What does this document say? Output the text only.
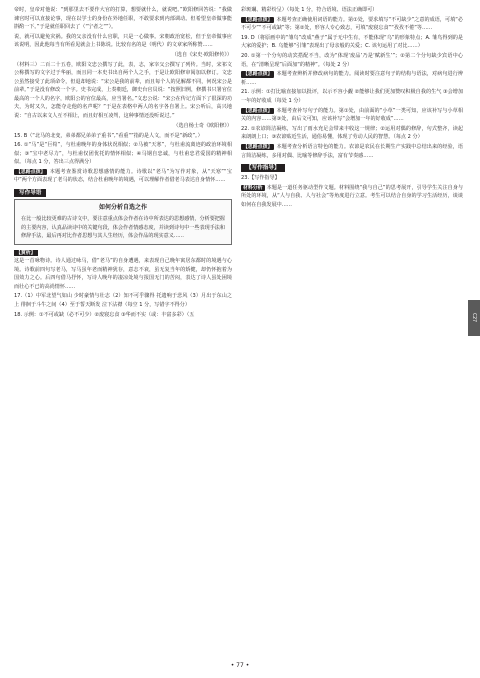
帝时，皇帝对他说：“到那里去不要作大官的打算，想要就什么，就说吧。”欧阳修回答说：“我做谏官时可以直接论事，现在以学士的身份在外地任职，不敢要求到内部调动。但希望皇帝做事能斟酌一下。”于是就任职回去了（“宁者之“”）。

说，就可以避免灾祸。我的父亲没有什么官职，只是一心做事。宋朝政治宽松，但于皇帝做事应该说明，因此他每当有所看见就会上书陈说。比较有名的是（明代）的文章家所称赞……

（选自《宋史·欧阳修传》）

（材料三）二百二十五卷，欧阳文忠公撰写了此，表，志，家宰父公撰写了列传。当时，宋祁文公称撰写的文字过于华丽，而且同一本史书出自两个人之手，于是让欧阳修审阅加以修订。文忠公虽然接受了此项命令，但退却地说：“宋公是我的前辈，而且每个人的见解都不同，何况宋公是前辈。”于是没有修改一个字。史书完成，上奏朝廷，御史台官员说：“按照旧例，修撰书只署官位最高的一个人的名字，欧阳公的官位最高，应当署名。”文忠公说：“宋公在传记方面下了很深的功夫，为时又久，怎能夺走他的名声呢？”于是在表格中两人的名字各自署上。宋公听后，高兴地说：“自古以来文人互不相让，而且好相互凌驾，这种事情还没听说过。”

（选自杨士奇《欧阳修》）

15. B（“北马的北变，弟弟都兄弟弟子重书”,“看重“”指的是人文，而不是“新政”。）

16. ①“马”是“巨筍”，与杜甫晚年的身体状况相似；②马被“天寒”，与杜甫流离迹的政治环境相似；③“宝中老尽力”，与杜甫仅团优托的情怀相似；④马钢自忠诚，与杜甫忠君爱国的精神相似。（每点 1 分，答出三点得满分）

【思路点拨】 本题考查鉴赏诗歌思想感情的能力。诗歌以“老马”为写作对象，从“天寒”“宝中”两个方面表现了老马的状态，结合杜甫晚年的境遇，可以理解作者借老马表达自身情怀……

写作导语
如何分析自选之作

在比一般比较更难的古诗文中，要注意重点体会作者在诗中所表达的思想感情，分析要把握的主要内容，认真品读诗中的关键句段，体会作者情感态度，并读到诗句中一些表现手法和修辞手法，最后再对比作者思想与其人生经历，体会作品的现实意义……

【赏析】

这是一首咏物诗。诗人通过咏马，借“老马”的自身遭遇，来表现自己晚年寓居东都时的境遇与心境。诗歌前四句写老马，写马虽年老而精神犹存，意志不衰，虽无复当年的矫健，却仍怀抱着为国效力之心。后四句借马抒怀，写诗人晚年的凄凉处境与报国无门的苦闷，表达了诗人虽处困境而壮心不已的高尚情怀……

17.（1）中军北望气如山 少时豪情与壮志（2）知不可乎骤得 托遗响于悲风（3）月出于东山之上 徘徊于斗牛之间（4）至于誓天断发 泣下沾襟（每空 1 分，写错字不得分）

18. 示例：①不可或缺（必不可少）②废寝忘食 ③华而不实（或：丰富多彩）（五

彩斑斓、精彩纷呈）（每处 1 分，符合语境、语法正确即可）

【思路点拨】 本题考查正确使用词语的能力。第①处，要求填写“不可缺少”之意的成语，可填“必不可少”“不可或缺”等；第②处，形容人专心致志，可填“废寝忘食”“孜孜不倦”等……

19. D（将原画中的“雏鸟”改成“燕子”属于无中生有，不能体现“乌”的形象特点；A. 雏鸟得到的是大家的爱护；B. 乌能够“引雏”表现出了母亲般的关爱；C. 该句运用了对比……）

20. ①第一个分句的动宾搭配不当，改为“体现‘废品’乃是‘赋新生’”；②第二个分句缺少宾语中心语，在“清晰呈现”后面加“的精神”。（每处 2 分）

【思路点拨】 本题考查辨析并修改病句的能力。阅读时要注意句子的结构与语法，对病句进行辨析……

21. 示例：①打比喻直接加以批评，以示不容小觑 ②能够让我们更加赞叹积极自我的生气 ③会增加一年的好收成（每处 1 分）

【思路点拨】 本题考查补写句子的能力。第①处，由前面的“小草”一类可知，应该补写与小草相关的内容……第③处，由后文可知，应该补写“会增加一年的好收成”……

22. ①农谚简洁凝练，写出了雨水充足会带来丰收这一规律；②运用对偶的修辞，句式整齐，读起来朗朗上口；③农谚贴近生活，通俗易懂，体现了劳动人民的智慧。（每点 2 分）

【思路点拨】 本题考查分析语言特色的能力。农谚是农民在长期生产实践中总结出来的经验，语言简洁凝练，多用对偶、比喻等修辞手法，富有节奏感……

【写作指导】

23.【写作指导】

材料分析 本题是一道任务驱动型作文题。材料围绕“我与自己”的思考展开，引导学生关注自身与所处的环境，从“人与自我、人与社会”等角度进行立意。考生可以结合自身的学习生活经历，谈谈如何在自我发展中……

C27
• 77 •
